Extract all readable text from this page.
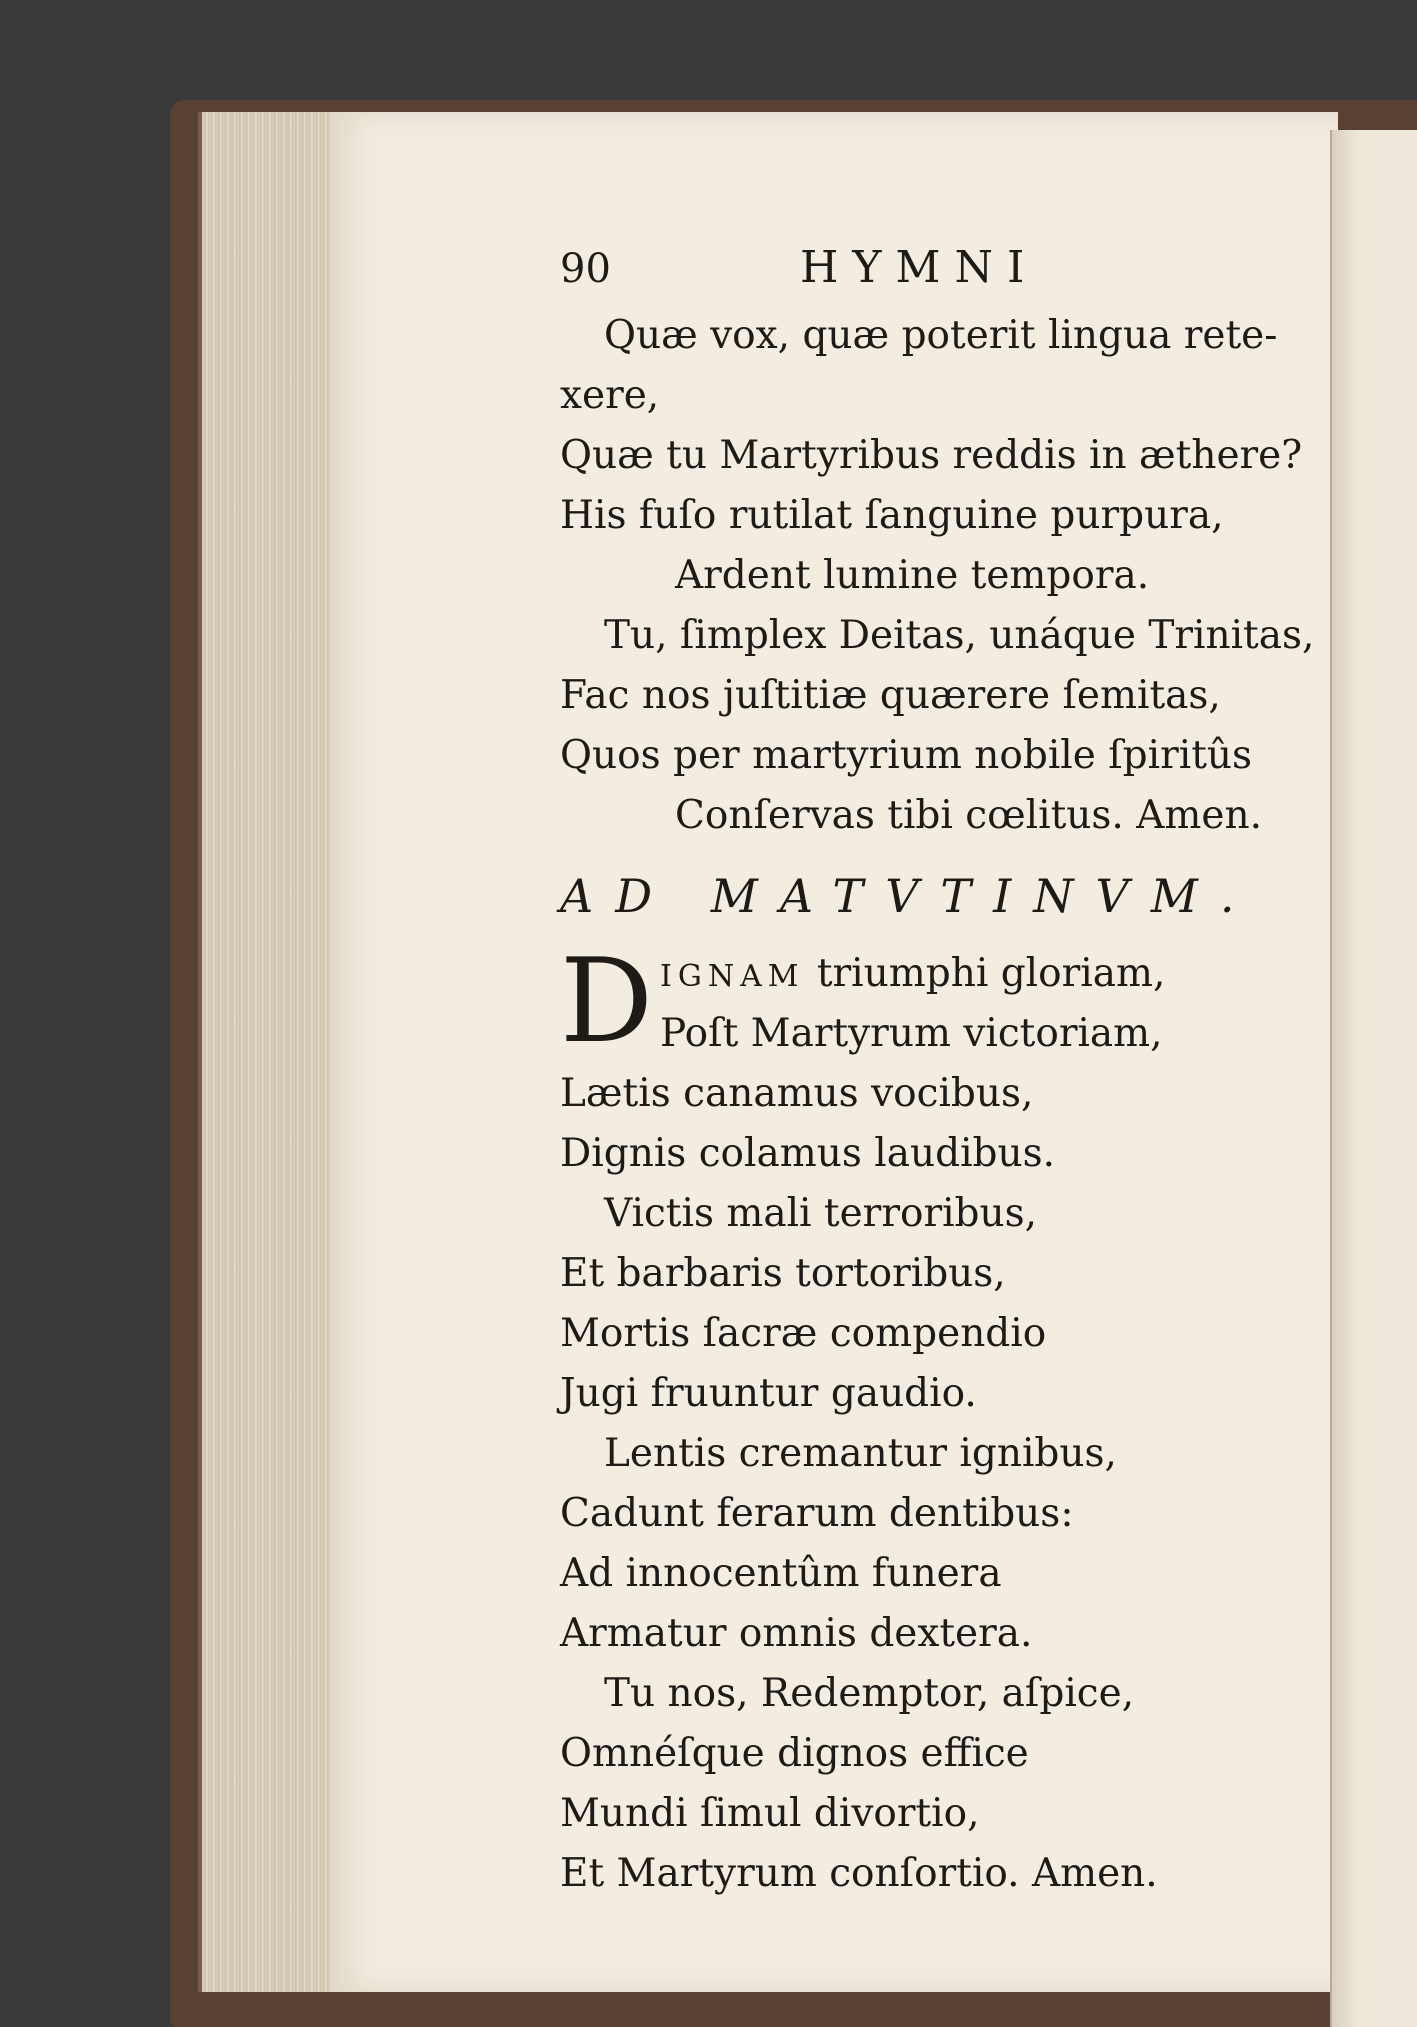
90	HYMNI
Quæ vox, quæ poterit lingua rete-
xere,
Quæ tu Martyribus reddis in æthere?
His fuſo rutilat ſanguine purpura,
Ardent lumine tempora.
Tu, ſimplex Deitas, unáque Trinitas,
Fac nos juſtitiæ quærere ſemitas,
Quos per martyrium nobile ſpiritûs
Conſervas tibi cœlitus. Amen.
AD MATVTINVM.
D IGNAM triumphi gloriam,
Poſt Martyrum victoriam,
Lætis canamus vocibus,
Dignis colamus laudibus.
Victis mali terroribus,
Et barbaris tortoribus,
Mortis ſacræ compendio
Jugi fruuntur gaudio.
Lentis cremantur ignibus,
Cadunt ferarum dentibus:
Ad innocentûm funera
Armatur omnis dextera.
Tu nos, Redemptor, aſpice,
Omnéſque dignos effice
Mundi ſimul divortio,
Et Martyrum conſortio. Amen.
